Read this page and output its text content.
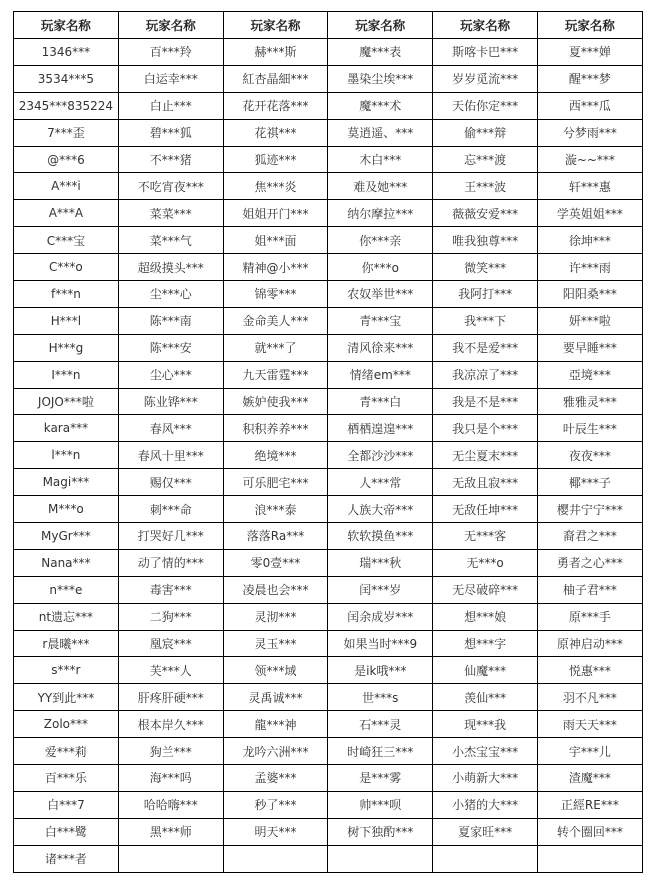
玩家名称	玩家名称	玩家名称	玩家名称	玩家名称	玩家名称
1346***	百***羚	赫***斯	魔***表	斯喀卡巴***	夏***婵
3534***5	白运幸***	紅杏晶細***	墨染尘埃***	岁岁觅流***	醒***梦
2345***835224	白止***	花开花落***	魔***术	天佑你定***	西***瓜
7***歪	碧***狐	花祺***	莫逍遥、***	偷***辩	兮梦雨***
@***6	不***猪	狐迹***	木白***	忘***渡	漩~~***
A***i	不吃宵夜***	焦***炎	难及她***	王***波	轩***惠
A***A	菜菜***	姐姐开门***	纳尔摩拉***	薇薇安爱***	学英姐姐***
C***宝	菜***气	姐***面	你***亲	唯我独尊***	徐坤***
C***o	超级摸头***	精神@小***	你***o	微笑***	许***雨
f***n	尘***心	锦零***	农奴举世***	我阿打***	阳阳桑***
H***l	陈***南	金命美人***	青***宝	我***下	妍***啦
H***g	陈***安	就***了	清风徐来***	我不是爱***	要早睡***
I***n	尘心***	九天雷霆***	情绪em***	我凉凉了***	亞境***
JOJO***啦	陈业铧***	嫉妒使我***	青***白	我是不是***	雅雅灵***
kara***	春风***	积积养养***	栖栖遑遑***	我只是个***	叶辰生***
l***n	春风十里***	绝境***	全都沙沙***	无尘夏末***	夜夜***
Magi***	赐仅***	可乐肥宅***	人***常	无敌且寂***	椰***子
M***o	刺***命	浪***泰	人族大帝***	无敌任坤***	樱井宁宁***
MyGr***	打哭好几***	落落Ra***	软软摸鱼***	无***客	裔君之***
Nana***	动了情的***	零0壹***	瑞***秋	无***o	勇者之心***
n***e	毒害***	凌晨也会***	闰***岁	无尽破碎***	柚子君***
nt遗忘***	二狗***	灵沏***	闰余成岁***	想***娘	原***手
r晨曦***	凰宸***	灵玉***	如果当时***9	想***字	原神启动***
s***r	芙***人	领***域	是ik哦***	仙魔***	悦惠***
YY到此***	肝疼肝硬***	灵禹诚***	世***s	羡仙***	羽不凡***
Zolo***	根本岸久***	龍***神	石***灵	现***我	雨天天***
爱***莉	狗兰***	龙吟六洲***	时崎狂三***	小杰宝宝***	宇***儿
百***乐	海***吗	孟婆***	是***雾	小萌新大***	渣魔***
白***7	哈哈嗨***	秒了***	帅***呗	小猪的大***	正經RE***
白***鹭	黑***师	明天***	树下独酌***	夏家旺***	转个圈回***
诸***者					
